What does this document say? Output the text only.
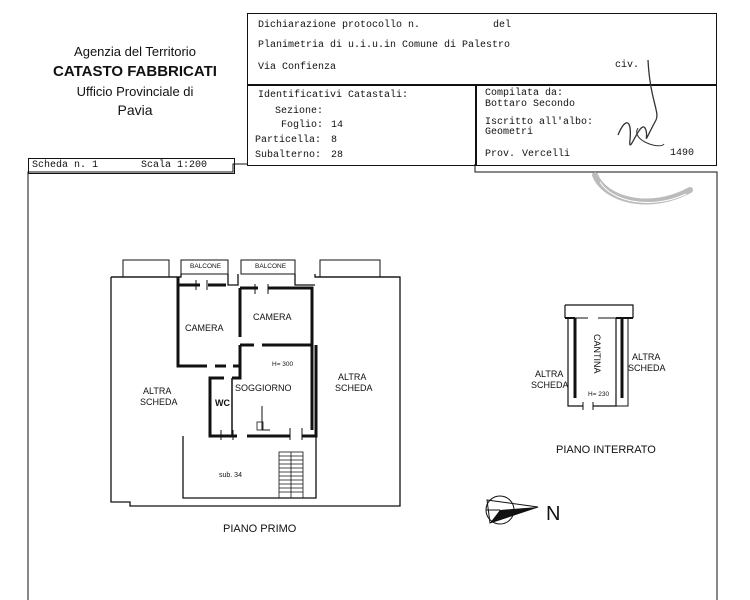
Agenzia del Territorio
CATASTO FABBRICATI
Ufficio Provinciale di
Pavia
Dichiarazione protocollo n.	del
Planimetria di u.i.u.in Comune di Palestro
Via Confienza	civ.
Identificativi Catastali:
Sezione:
Foglio: 14
Particella: 8
Subalterno: 28
Compilata da:
Bottaro Secondo
Iscritto all'albo:
Geometri
Prov. Vercelli	1490
Scheda n. 1	Scala 1:200
BALCONE	BALCONE
CAMERA
CAMERA
H= 300
SOGGIORNO
WC
ALTRA
SCHEDA
ALTRA
SCHEDA
sub. 34
PIANO PRIMO
CANTINA
H= 230
ALTRA
SCHEDA
ALTRA
SCHEDA
PIANO INTERRATO
N
